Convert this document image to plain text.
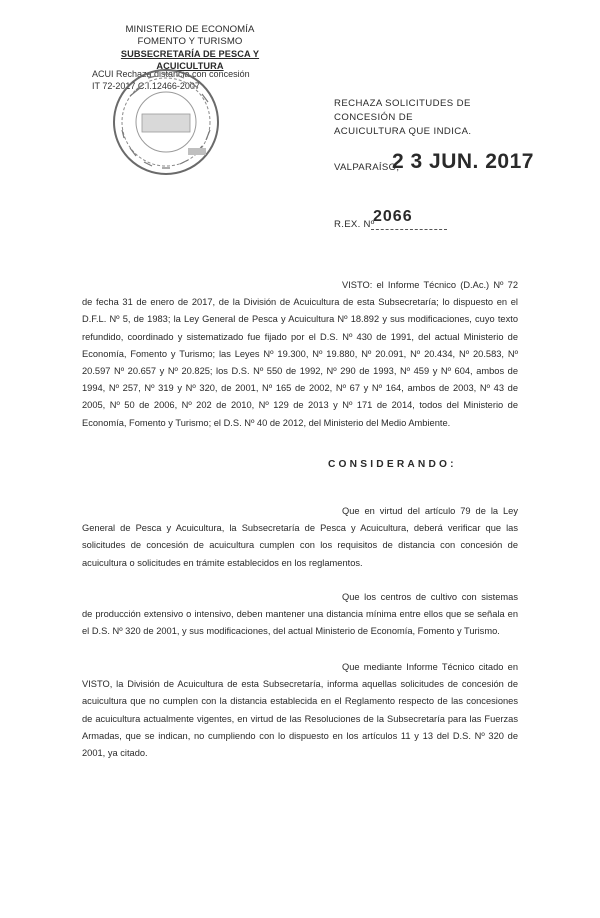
MINISTERIO DE ECONOMÍA
FOMENTO Y TURISMO
SUBSECRETARÍA DE PESCA Y ACUICULTURA
ACUI Rechaza distancia con concesión
IT 72-2017 C.I.12466-2007
RECHAZA SOLICITUDES DE CONCESIÓN DE
ACUICULTURA QUE INDICA.
VALPARAÍSO,
2 3 JUN. 2017
R.EX. Nº
2066
VISTO: el Informe Técnico (D.Ac.) Nº 72 de fecha 31 de enero de 2017, de la División de Acuicultura de esta Subsecretaría; lo dispuesto en el D.F.L. Nº 5, de 1983; la Ley General de Pesca y Acuicultura Nº 18.892 y sus modificaciones, cuyo texto refundido, coordinado y sistematizado fue fijado por el D.S. Nº 430 de 1991, del actual Ministerio de Economía, Fomento y Turismo; las Leyes Nº 19.300, Nº 19.880, Nº 20.091, Nº 20.434, Nº 20.583, Nº 20.597 Nº 20.657 y Nº 20.825; los D.S. Nº 550 de 1992, Nº 290 de 1993, Nº 459 y Nº 604, ambos de 1994, Nº 257, Nº 319 y Nº 320, de 2001, Nº 165 de 2002, Nº 67 y Nº 164, ambos de 2003, Nº 43 de 2005, Nº 50 de 2006, Nº 202 de 2010, Nº 129 de 2013 y Nº 171 de 2014, todos del Ministerio de Economía, Fomento y Turismo; el D.S. Nº 40 de 2012, del Ministerio del Medio Ambiente.
CONSIDERANDO:
Que en virtud del artículo 79 de la Ley General de Pesca y Acuicultura, la Subsecretaría de Pesca y Acuicultura, deberá verificar que las solicitudes de concesión de acuicultura cumplen con los requisitos de distancia con concesión de acuicultura o solicitudes en trámite establecidos en los reglamentos.
Que los centros de cultivo con sistemas de producción extensivo o intensivo, deben mantener una distancia mínima entre ellos que se señala en el D.S. Nº 320 de 2001, y sus modificaciones, del actual Ministerio de Economía, Fomento y Turismo.
Que mediante Informe Técnico citado en VISTO, la División de Acuicultura de esta Subsecretaría, informa aquellas solicitudes de concesión de acuicultura que no cumplen con la distancia establecida en el Reglamento respecto de las concesiones de acuicultura actualmente vigentes, en virtud de las Resoluciones de la Subsecretaría para las Fuerzas Armadas, que se indican, no cumpliendo con lo dispuesto en los artículos 11 y 13 del D.S. Nº 320 de 2001, ya citado.
